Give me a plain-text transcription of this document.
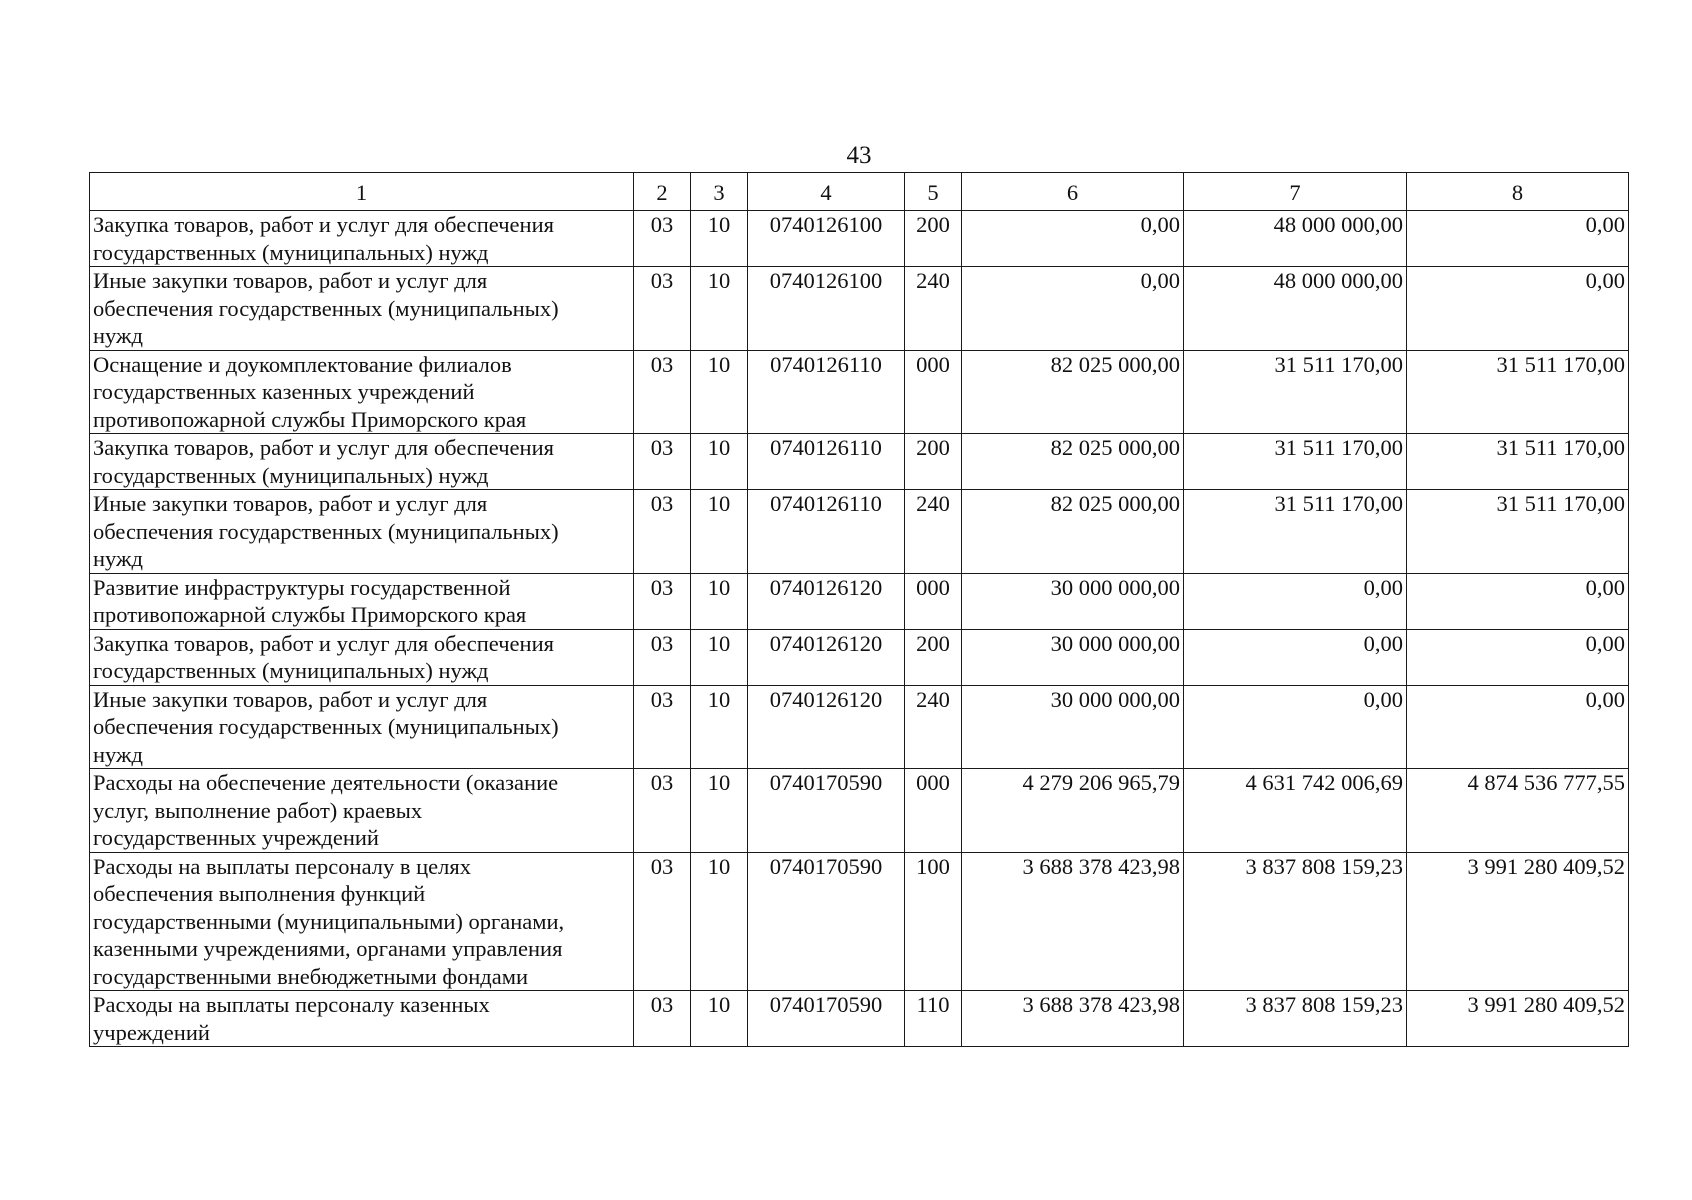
43
1	2	3	4	5	6	7	8

Закупка товаров, работ и услуг для обеспечения
государственных (муниципальных) нужд	03	10	0740126100	200	0,00	48 000 000,00	0,00

Иные закупки товаров, работ и услуг для
обеспечения государственных (муниципальных)
нужд	03	10	0740126100	240	0,00	48 000 000,00	0,00

Оснащение и доукомплектование филиалов
государственных казенных учреждений
противопожарной службы Приморского края	03	10	0740126110	000	82 025 000,00	31 511 170,00	31 511 170,00

Закупка товаров, работ и услуг для обеспечения
государственных (муниципальных) нужд	03	10	0740126110	200	82 025 000,00	31 511 170,00	31 511 170,00

Иные закупки товаров, работ и услуг для
обеспечения государственных (муниципальных)
нужд	03	10	0740126110	240	82 025 000,00	31 511 170,00	31 511 170,00

Развитие инфраструктуры государственной
противопожарной службы Приморского края	03	10	0740126120	000	30 000 000,00	0,00	0,00

Закупка товаров, работ и услуг для обеспечения
государственных (муниципальных) нужд	03	10	0740126120	200	30 000 000,00	0,00	0,00

Иные закупки товаров, работ и услуг для
обеспечения государственных (муниципальных)
нужд	03	10	0740126120	240	30 000 000,00	0,00	0,00

Расходы на обеспечение деятельности (оказание
услуг, выполнение работ) краевых
государственных учреждений	03	10	0740170590	000	4 279 206 965,79	4 631 742 006,69	4 874 536 777,55

Расходы на выплаты персоналу в целях
обеспечения выполнения функций
государственными (муниципальными) органами,
казенными учреждениями, органами управления
государственными внебюджетными фондами	03	10	0740170590	100	3 688 378 423,98	3 837 808 159,23	3 991 280 409,52

Расходы на выплаты персоналу казенных
учреждений	03	10	0740170590	110	3 688 378 423,98	3 837 808 159,23	3 991 280 409,52
